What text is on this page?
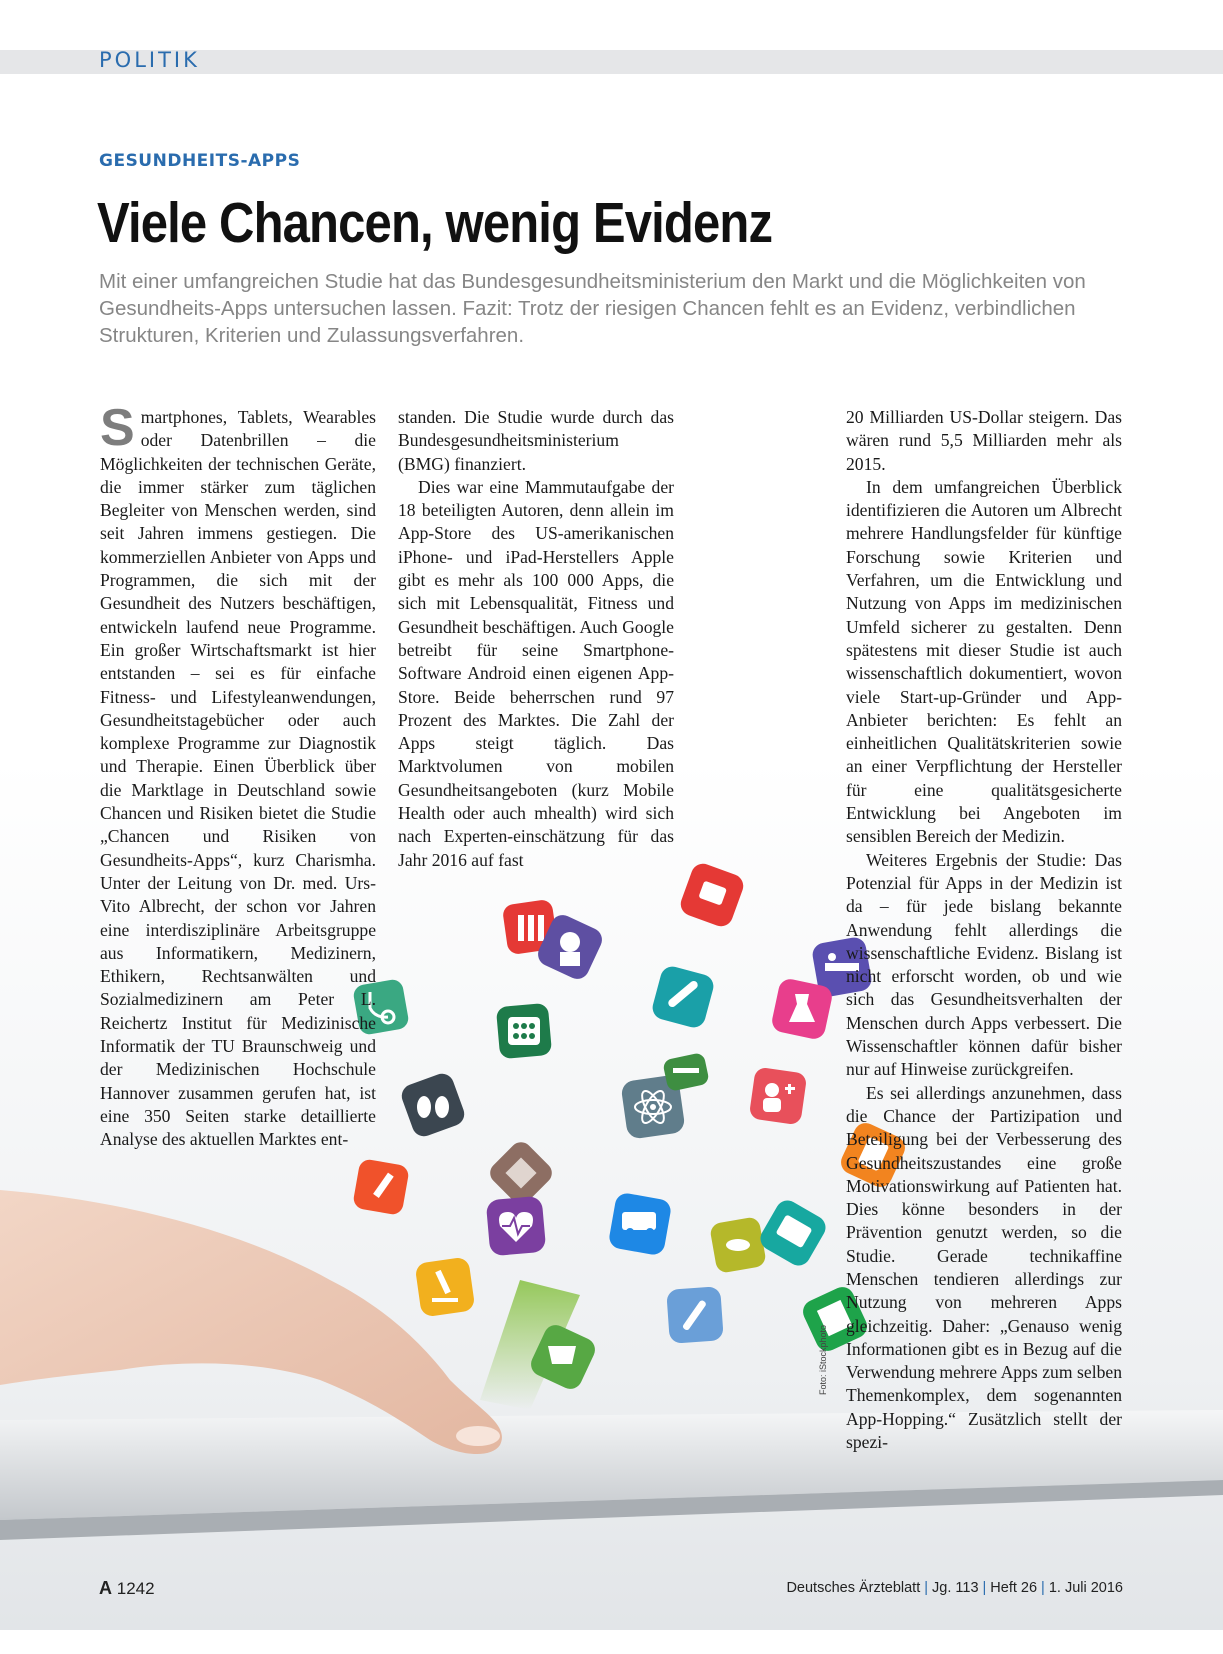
POLITIK
GESUNDHEITS-APPS
Viele Chancen, wenig Evidenz
Mit einer umfangreichen Studie hat das Bundesgesundheitsministerium den Markt und die Möglichkeiten von Gesundheits-Apps untersuchen lassen. Fazit: Trotz der riesigen Chancen fehlt es an Evidenz, verbindlichen Strukturen, Kriterien und Zulassungsverfahren.

Smartphones, Tablets, Wearables oder Datenbrillen – die Möglichkeiten der technischen Geräte, die immer stärker zum täglichen Begleiter von Menschen werden, sind seit Jahren immens gestiegen. Die kommerziellen Anbieter von Apps und Programmen, die sich mit der Gesundheit des Nutzers beschäftigen, entwickeln laufend neue Programme. Ein großer Wirtschaftsmarkt ist hier entstanden – sei es für einfache Fitness- und Lifestyleanwendungen, Gesundheitstagebücher oder auch komplexe Programme zur Diagnostik und Therapie. Einen Überblick über die Marktlage in Deutschland sowie Chancen und Risiken bietet die Studie „Chancen und Risiken von Gesundheits-Apps“, kurz Charismha. Unter der Leitung von Dr. med. Urs-Vito Albrecht, der schon vor Jahren eine interdisziplinäre Arbeitsgruppe aus Informatikern, Medizinern, Ethikern, Rechtsanwälten und Sozialmedizinern am Peter L. Reichertz Institut für Medizinische Informatik der TU Braunschweig und der Medizinischen Hochschule Hannover zusammen gerufen hat, ist eine 350 Seiten starke detaillierte Analyse des aktuellen Marktes ent-

standen. Die Studie wurde durch das Bundesgesundheitsministerium (BMG) finanziert.

Dies war eine Mammutaufgabe der 18 beteiligten Autoren, denn allein im App-Store des US-amerikanischen iPhone- und iPad-Herstellers Apple gibt es mehr als 100 000 Apps, die sich mit Lebensqualität, Fitness und Gesundheit beschäftigen. Auch Google betreibt für seine Smartphone-Software Android einen eigenen App-Store. Beide beherrschen rund 97 Prozent des Marktes. Die Zahl der Apps steigt täglich. Das Marktvolumen von mobilen Gesundheitsangeboten (kurz Mobile Health oder auch mhealth) wird sich nach Experten-einschätzung für das Jahr 2016 auf fast

20 Milliarden US-Dollar steigern. Das wären rund 5,5 Milliarden mehr als 2015.

In dem umfangreichen Überblick identifizieren die Autoren um Albrecht mehrere Handlungsfelder für künftige Forschung sowie Kriterien und Verfahren, um die Entwicklung und Nutzung von Apps im medizinischen Umfeld sicherer zu gestalten. Denn spätestens mit dieser Studie ist auch wissenschaftlich dokumentiert, wovon viele Start-up-Gründer und App-Anbieter berichten: Es fehlt an einheitlichen Qualitätskriterien sowie an einer Verpflichtung der Hersteller für eine qualitätsgesicherte Entwicklung bei Angeboten im sensiblen Bereich der Medizin.

Weiteres Ergebnis der Studie: Das Potenzial für Apps in der Medizin ist da – für jede bislang bekannte Anwendung fehlt allerdings die wissenschaftliche Evidenz. Bislang ist nicht erforscht worden, ob und wie sich das Gesundheitsverhalten der Menschen durch Apps verbessert. Die Wissenschaftler können dafür bisher nur auf Hinweise zurückgreifen.

Es sei allerdings anzunehmen, dass die Chance der Partizipation und Beteiligung bei der Verbesserung des Gesundheitszustandes eine große Motivationswirkung auf Patienten hat. Dies könne besonders in der Prävention genutzt werden, so die Studie. Gerade technikaffine Menschen tendieren allerdings zur Nutzung von mehreren Apps gleichzeitig. Daher: „Genauso wenig Informationen gibt es in Bezug auf die Verwendung mehrere Apps zum selben Themenkomplex, dem sogenannten App-Hopping.“ Zusätzlich stellt der spezi-

Foto: iStockphoto
A 1242	Deutsches Ärzteblatt | Jg. 113 | Heft 26 | 1. Juli 2016
